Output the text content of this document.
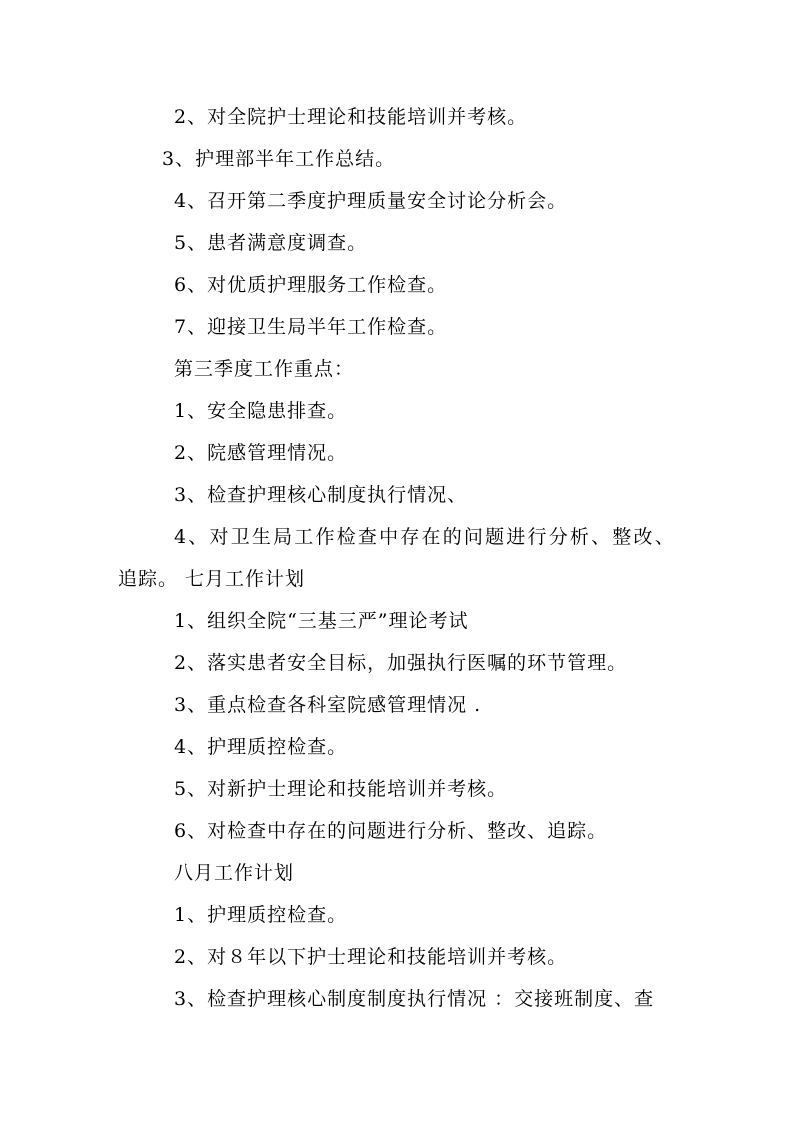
2、对全院护士理论和技能培训并考核。
3、护理部半年工作总结。
4、召开第二季度护理质量安全讨论分析会。
5、患者满意度调查。
6、对优质护理服务工作检查。
7、迎接卫生局半年工作检查。
第三季度工作重点：
1、安全隐患排查。
2、院感管理情况。
3、检查护理核心制度执行情况、
4、对卫生局工作检查中存在的问题进行分析、整改、
追踪。 七月工作计划
1、组织全院“三基三严”理论考试
2、落实患者安全目标，加强执行医嘱的环节管理。
3、重点检查各科室院感管理情况 .
4、护理质控检查。
5、对新护士理论和技能培训并考核。
6、对检查中存在的问题进行分析、整改、追踪。
八月工作计划
1、护理质控检查。
2、对８年以下护士理论和技能培训并考核。
3、检查护理核心制度制度执行情况 ：交接班制度、查
